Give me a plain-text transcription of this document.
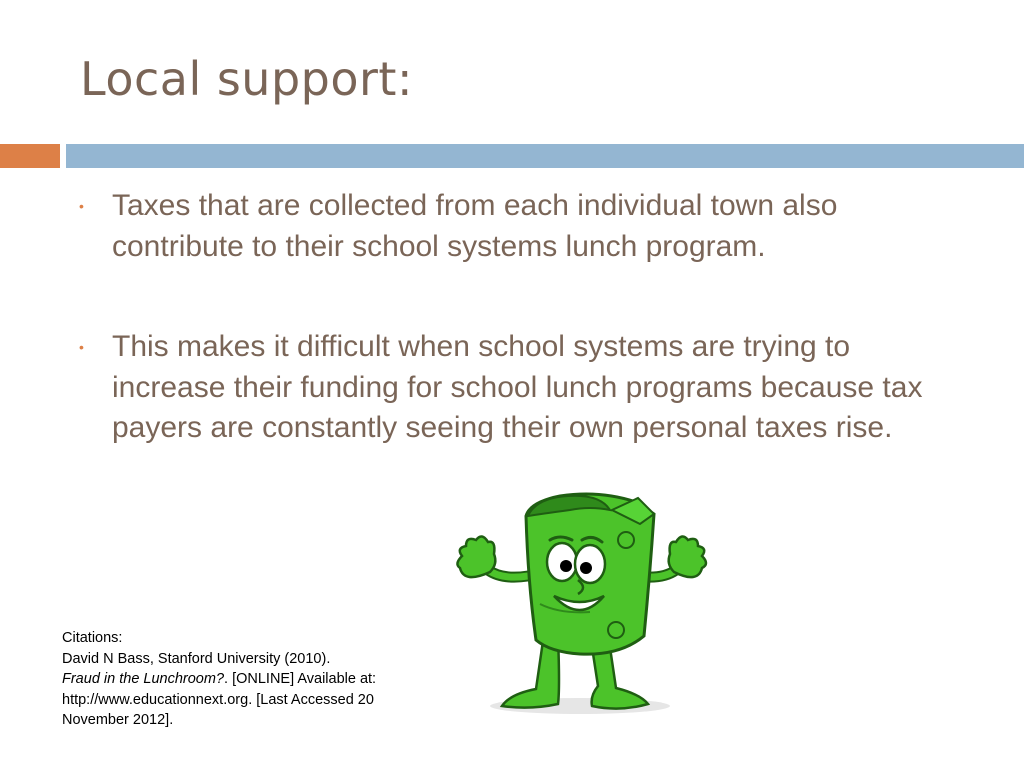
Local support:
• Taxes that are collected from each individual town also contribute to their school systems lunch program.
• This makes it difficult when school systems are trying to increase their funding for school lunch programs because tax payers are constantly seeing their own personal taxes rise.
Citations:
David N Bass, Stanford University (2010).
Fraud in the Lunchroom?. [ONLINE] Available at: http://www.educationnext.org. [Last Accessed 20 November 2012].
